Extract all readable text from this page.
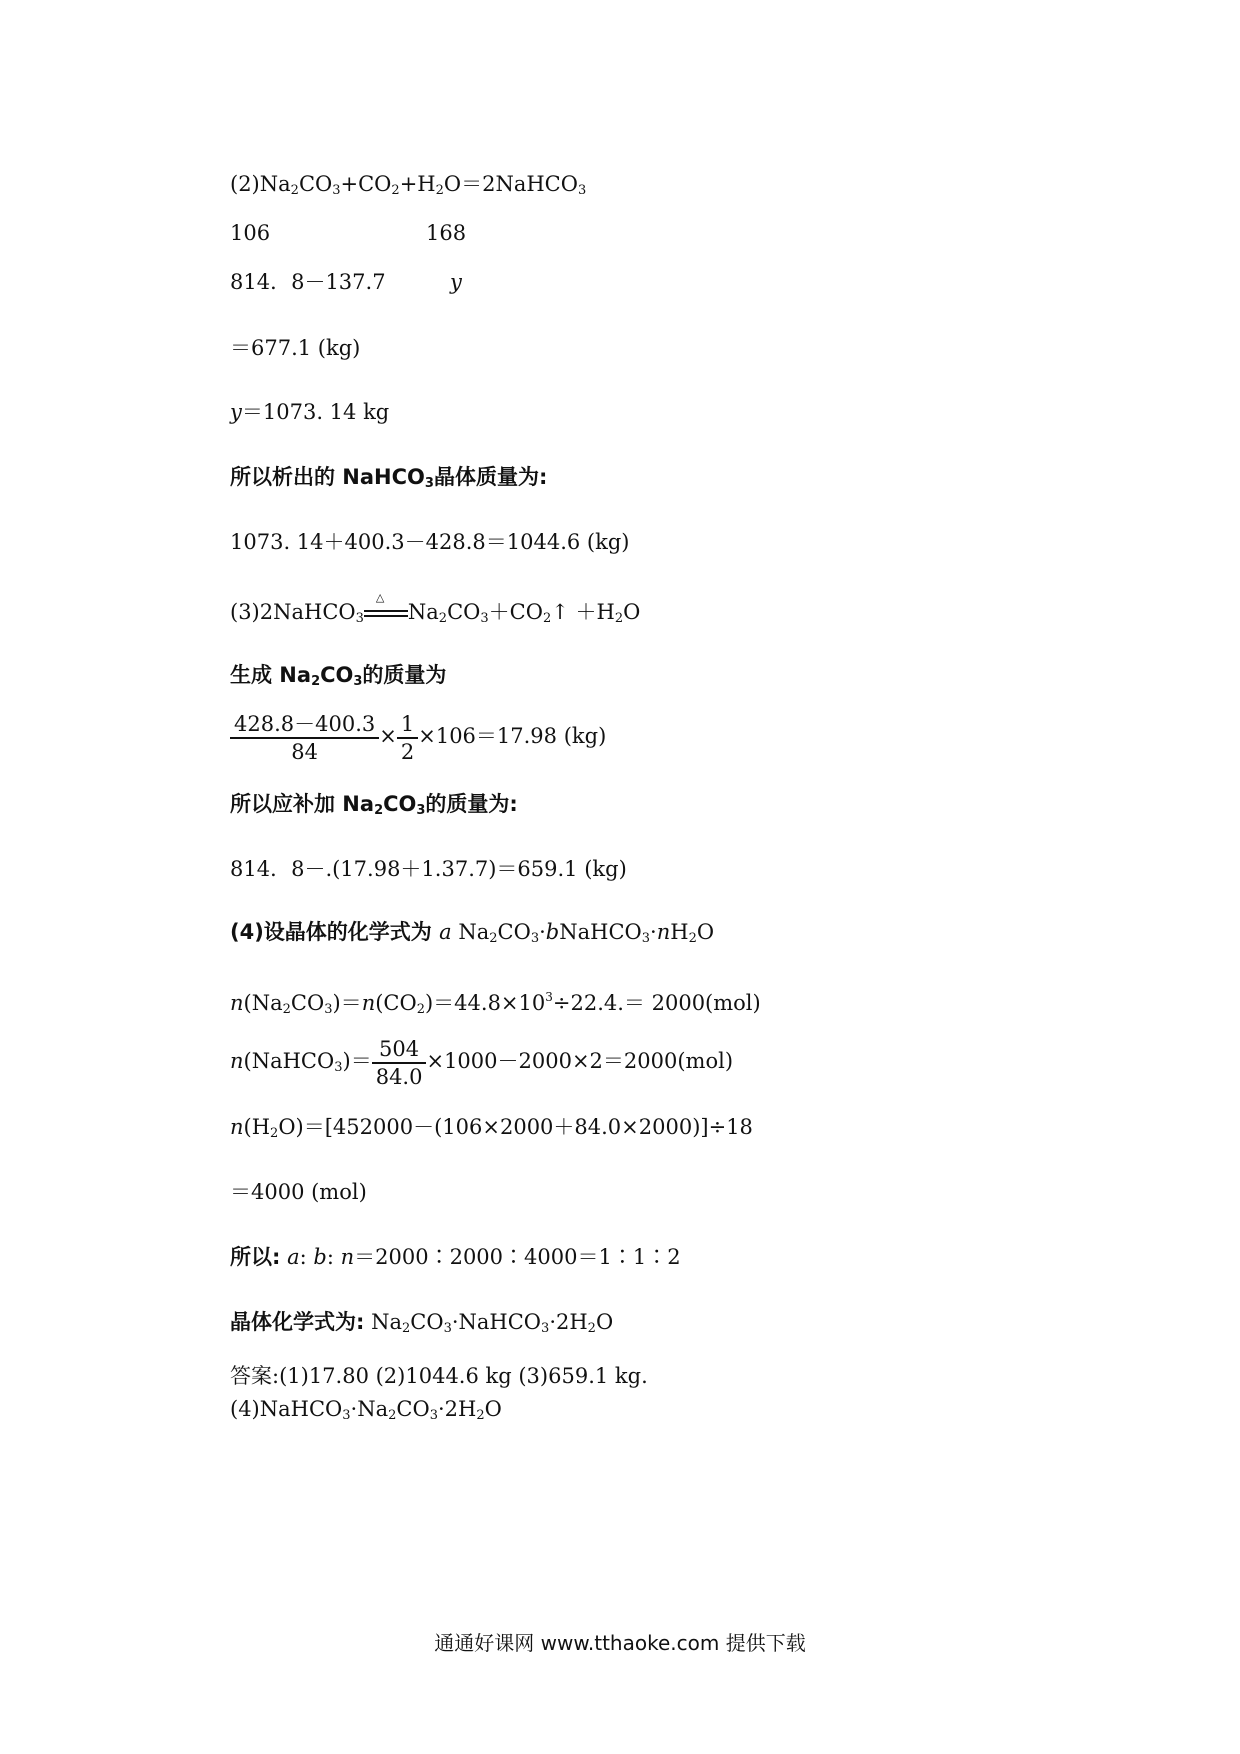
$(2)Na_2CO_3+CO_2+H_2O=2NaHCO_3$
106	168
814．8－137.7	y
＝677.1 (kg)
y＝1073. 14 kg
所以析出的 NaHCO$_3$晶体质量为:
1073. 14＋400.3－428.8＝1044.6 (kg)
(3)2NaHCO$_3$
△
$Na_2CO_3+CO_2↑ +H_2O$
生成 $Na_2CO_3$的质量为
$\frac{428.8-400.3}{84} \times \frac{1}{2} \times 106=17.98$ (kg)
所以应补加 $Na_2CO_3$的质量为:
814．8－.(17.98＋1.37.7)＝659.1 (kg)
(4)设晶体的化学式为 a $Na_2CO_3\cdot bNaHCO_3\cdot nH_2O$
$n(Na_2CO_3)=n(CO_2)=44.8\times 10^3\div 22.4.= 2000(mol)$
n(NaHCO$_3$)＝ $\frac{504}{84.0} \times 1000-2000\times 2=2000(mol)$
$n(H_2O)=[452000-(106\times 2000+84.0\times 2000)]\div 18$
＝4000 (mol)
所以: a: b: n＝2000∶2000∶4000＝1∶1∶2
晶体化学式为: $Na_2CO_3\cdot NaHCO_3\cdot 2H_2O$
答案:(1)17.80 (2)1044.6 kg (3)659.1 kg.
$(4)NaHCO_3\cdot Na_2CO_3\cdot 2H_2O$
通通好课网 www.tthaoke.com 提供下载
